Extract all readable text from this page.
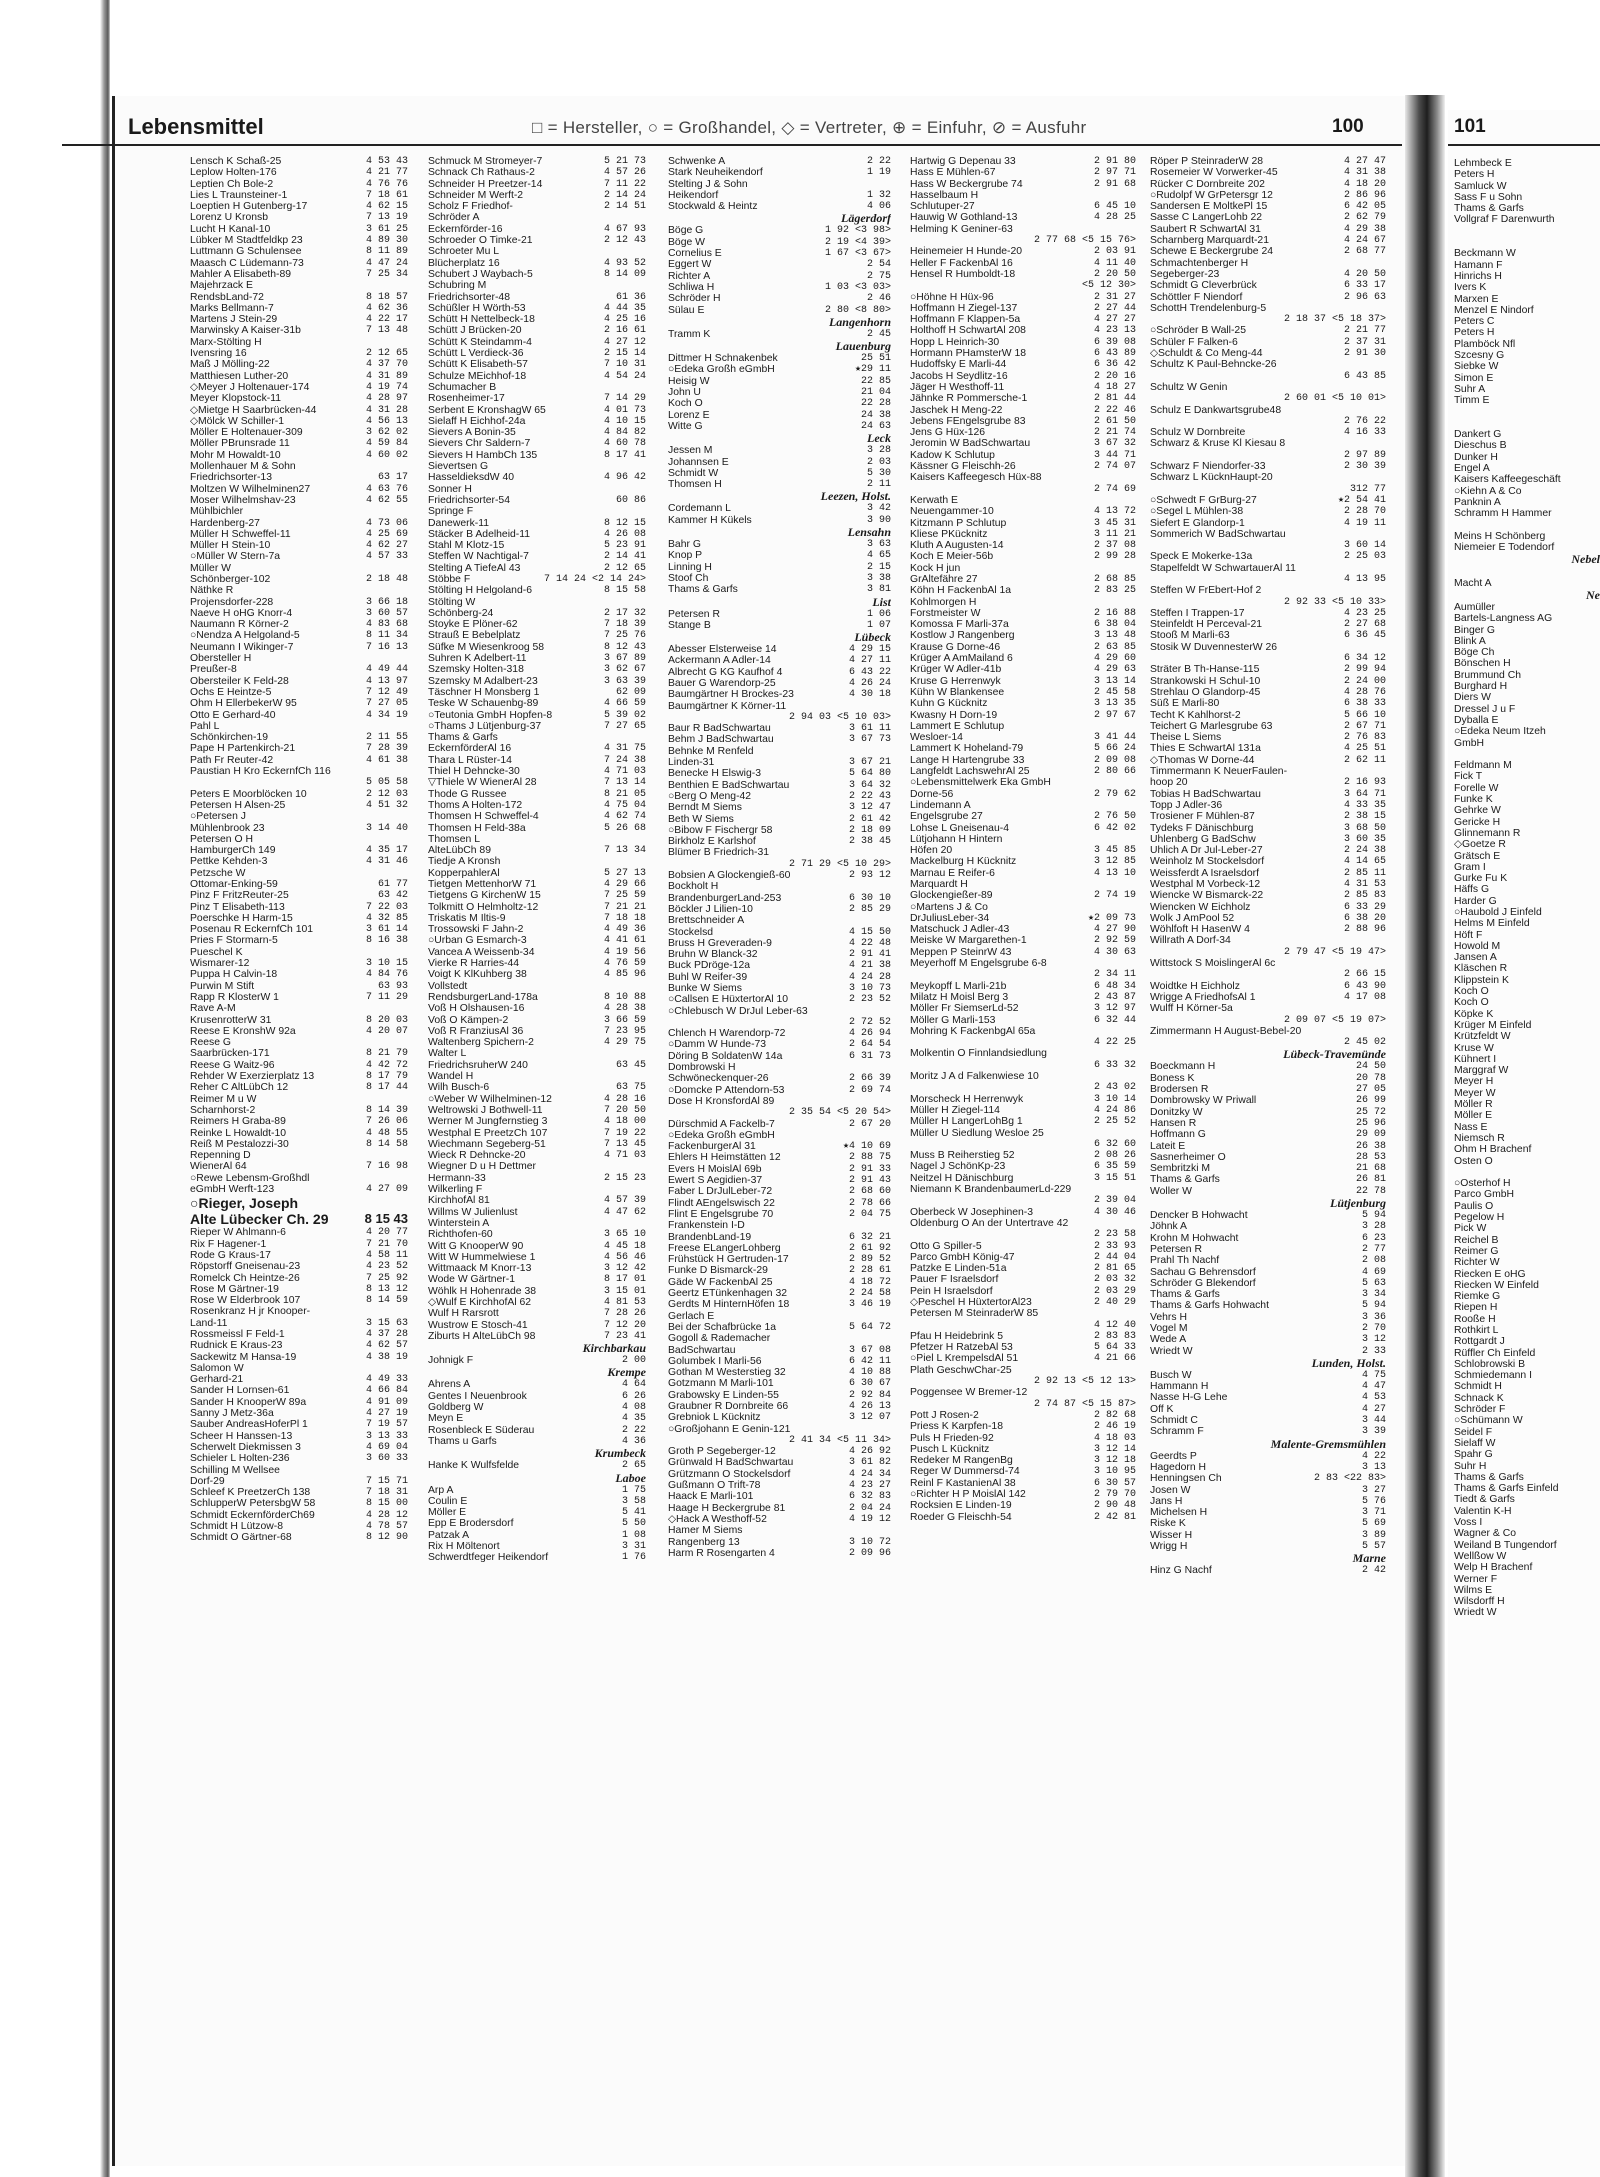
Lebensmittel	□ = Hersteller, ○ = Großhandel, ◇ = Vertreter, ⊕ = Einfuhr, ⊘ = Ausfuhr	100	101
Lensch K Schaß-25	4 53 43
Leplow Holten-176	4 21 77
Leptien Ch Bole-2	4 76 76
Lies L Traunsteiner-1	7 18 61
Loeptien H Gutenberg-17	4 62 15
Lorenz U Kronsb	7 13 19
Lucht H Kanal-10	3 61 25
Lübker M Stadtfeldkp 23	4 89 30
Luttmann G Schulensee	8 11 89
Maasch C Lüdemann-73	4 47 24
Mahler A Elisabeth-89	7 25 34
Majehrzack E
RendsbLand-72	8 18 57
Marks Bellmann-7	4 62 36
Martens J Stein-29	4 22 17
Marwinsky A Kaiser-31b	7 13 48
Marx-Stölting H
Ivensring 16	2 12 65
Maß J Mölling-22	4 37 70
Matthiesen Luther-20	4 31 89
◇Meyer J Holtenauer-174	4 19 74
Meyer Klopstock-11	4 28 97
◇Mietge H Saarbrücken-44	4 31 28
◇Mölck W Schiller-1	4 56 13
Möller E Holtenauer-309	3 62 02
Möller PBrunsrade 11	4 59 84
Mohr M Howaldt-10	4 60 02
Mollenhauer M & Sohn
Friedrichsorter-13	63 17
Moltzen W Wilhelminen27	4 63 76
Moser Wilhelmshav-23	4 62 55
Mühlbichler
Hardenberg-27	4 73 06
Müller H Schweffel-11	4 25 69
Müller H Stein-10	4 62 27
○Müller W Stern-7a	4 57 33
Müller W
Schönberger-102	2 18 48
Näthke R
Projensdorfer-228	3 66 18
Naeve H oHG Knorr-4	3 60 57
Naumann R Körner-2	4 83 68
○Nendza A Helgoland-5	8 11 34
Neumann I Wikinger-7	7 16 13
Obersteller H
Preußer-8	4 49 44
Obersteiler K Feld-28	4 13 97
Ochs E Heintze-5	7 12 49
Ohm H EllerbekerW 95	7 27 05
Otto E Gerhard-40	4 34 19
Pahl L
Schönkirchen-19	2 11 55
Pape H Partenkirch-21	7 28 39
Path Fr Reuter-42	4 61 38
Paustian H Kro EckernfCh 116
5 05 58
Peters E Moorblöcken 10	2 12 03
Petersen H Alsen-25	4 51 32
○Petersen J
Mühlenbrook 23	3 14 40
Petersen O H
HamburgerCh 149	4 35 17
Pettke Kehden-3	4 31 46
Petzsche W
Ottomar-Enking-59	61 77
Pinz F FritzReuter-25	63 42
Pinz T Elisabeth-113	7 22 03
Poerschke H Harm-15	4 32 85
Posenau R EckernfCh 101	3 61 14
Pries F Stormarn-5	8 16 38
Pueschel K
Wismarer-12	3 10 15
Puppa H Calvin-18	4 84 76
Purwin M Stift	63 93
Rapp R KlosterW 1	7 11 29
Rave A-M
KrusenrotterW 31	8 20 03
Reese E KronshW 92a	4 20 07
Reese G
Saarbrücken-171	8 21 79
Reese G Waitz-96	4 42 72
Rehder W Exerzierplatz 13	8 17 79
Reher C AltLübCh 12	8 17 44
Reimer M u W
Scharnhorst-2	8 14 39
Reimers H Graba-89	7 26 06
Reinke L Howaldt-10	4 48 55
Reiß M Pestalozzi-30	8 14 58
Repenning D
WienerAl 64	7 16 98
○Rewe Lebensm-Großhdl
eGmbH Werft-123	4 27 09
○Rieger, Joseph
Alte Lübecker Ch. 29	8 15 43
Rieper W Ahlmann-6	4 20 77
Rix F Hagener-1	7 21 70
Rode G Kraus-17	4 58 11
Röpstorff Gneisenau-23	4 23 52
Romelck Ch Heintze-26	7 25 92
Rose M Gärtner-19	8 13 12
Rose W Elderbrook 107	8 14 59
Rosenkranz H jr Knooper-
Land-11	3 15 63
Rossmeissl F Feld-1	4 37 28
Rudnick E Kraus-23	4 62 57
Sackewitz M Hansa-19	4 38 19
Salomon W
Gerhard-21	4 49 33
Sander H Lornsen-61	4 66 84
Sander H KnooperW 89a	4 91 09
Sanny J Metz-36a	4 27 19
Sauber AndreasHoferPl 1	7 19 57
Scheer H Hanssen-13	3 13 33
Scherwelt Diekmissen 3	4 69 04
Schieler L Holten-236	3 60 33
Schilling M Wellsee
Dorf-29	7 15 71
Schleef K PreetzerCh 138	7 18 31
SchlupperW PetersbgW 58	8 15 00
Schmidt EckernförderCh69	4 28 12
Schmidt H Lützow-8	4 78 57
Schmidt O Gärtner-68	8 12 90
Schmuck M Stromeyer-7	5 21 73
Schnack Ch Rathaus-2	4 57 26
Schneider H Preetzer-14	7 11 22
Schneider M Werft-2	2 14 24
Scholz F Friedhof-	2 14 51
Schröder A
Eckernförder-16	4 67 93
Schroeder O Timke-21	2 12 43
Schroeter Mu L
Blücherplatz 16	4 93 52
Schubert J Waybach-5	8 14 09
Schubring M
Friedrichsorter-48	61 36
Schüßler H Wörth-53	4 44 35
Schütt H Nettelbeck-18	4 25 16
Schütt J Brücken-20	2 16 61
Schütt K Steindamm-4	4 27 12
Schütt L Verdieck-36	2 15 14
Schütt K Elisabeth-57	7 10 31
Schulze MEichhof-18	4 54 24
Schumacher B
Rosenheimer-17	7 14 29
Serbent E KronshagW 65	4 01 73
Sielaff H Eichhof-24a	4 10 15
Sievers A Bonin-35	4 84 82
Sievers Chr Saldern-7	4 60 78
Sievers H HambCh 135	8 17 41
Sievertsen G
HasseldieksdW 40	4 96 42
Sonner H
Friedrichsorter-54	60 86
Springe F
Danewerk-11	8 12 15
Stäcker B Adelheid-11	4 26 08
Stahl M Klotz-15	5 23 91
Steffen W Nachtigal-7	2 14 41
Stelting A TiefeAl 43	2 12 65
Stöbbe F	7 14 24 <2 14 24>
Stölting H Helgoland-6	8 15 58
Stölting W
Schönberg-24	2 17 32
Stoyke E Plöner-62	7 18 39
Strauß E Bebelplatz	7 25 76
Süfke M Wiesenkroog 58	8 12 43
Suhren K Adelbert-11	3 67 89
Szemsky Holten-318	3 62 67
Szemsky M Adalbert-23	3 63 39
Täschner H Monsberg 1	62 09
Teske W Schauenbg-89	4 66 59
○Teutonia GmbH Hopfen-8	5 39 02
○Thams J Lütjenburg-37	7 27 65
Thams & Garfs
EckernförderAl 16	4 31 75
Thara L Rüster-14	7 24 38
Thiel H Dehncke-30	4 71 03
▽Thiele W WienerAl 28	7 13 14
Thode G Russee	8 21 05
Thoms A Holten-172	4 75 04
Thomsen H Schweffel-4	4 62 74
Thomsen H Feld-38a	5 26 68
Thomsen L
AlteLübCh 89	7 13 34
Tiedje A Kronsh
KopperpahlerAl	5 27 13
Tietgen MettenhorW 71	4 29 66
Tietgens G KirchenW 15	7 25 59
Tolkmitt O Helmholtz-12	7 21 21
Triskatis M Iltis-9	7 18 18
Trossowski F Jahn-2	4 49 36
○Urban G Esmarch-3	4 41 61
Vancea A Weissenb-34	4 19 56
Vierke R Harries-44	4 76 59
Voigt K KlKuhberg 38	4 85 96
Vollstedt
RendsburgerLand-178a	8 10 88
Voß H Olshausen-16	4 28 38
Voß O Kämpen-2	3 66 59
Voß R FranziusAl 36	7 23 95
Waltenberg Spichern-2	4 29 75
Walter L
FriedrichsruherW 240	63 45
Wandel H
Wilh Busch-6	63 75
○Weber W Wilhelminen-12	4 28 16
Weltrowski J Bothwell-11	7 20 50
Werner M Jungfernstieg 3	4 18 00
Westphal E PreetzCh 107	7 19 22
Wiechmann Segeberg-51	7 13 45
Wieck R Dehncke-20	4 71 03
Wiegner D u H Dettmer
Hermann-33	2 15 23
Wilkerling F
KirchhofAl 81	4 57 39
Willms W Julienlust	4 47 62
Winterstein A
Richthofen-60	3 65 10
Witt G KnooperW 90	4 45 18
Witt W Hummelwiese 1	4 56 46
Wittmaack M Knorr-13	3 12 42
Wode W Gärtner-1	8 17 01
Wöhlk H Hohenrade 38	3 15 01
◇Wulf E KirchhofAl 62	4 81 53
Wulf H Rarsrott	7 28 26
Wustrow E Stosch-41	7 12 20
Ziburts H AlteLübCh 98	7 23 41
Kirchbarkau
Johnigk F	2 00
Krempe
Ahrens A	4 64
Gentes I Neuenbrook	6 26
Goldberg W	4 08
Meyn E	4 35
Rosenbleck E Süderau	2 22
Thams u Garfs	4 36
Krumbeck
Hanke K Wulfsfelde	2 65
Laboe
Arp A	1 75
Coulin E	3 58
Möller E	5 41
Epp E Brodersdorf	5 50
Patzak A	1 08
Rix H Möltenort	3 31
Schwerdtfeger Heikendorf	1 76
Schwenke A	2 22
Stark Neuheikendorf	1 19
Stelting J & Sohn
Heikendorf	1 32
Stockwald & Heintz	4 06
Lägerdorf
Böge G	1 92 <3 98>
Böge W	2 19 <4 39>
Cornelius E	1 67 <3 67>
Eggert W	2 54
Richter A	2 75
Schliwa H	1 03 <3 03>
Schröder H	2 46
Sülau E	2 80 <8 80>
Langenhorn
Tramm K	2 45
Lauenburg
Dittmer H Schnakenbek	25 51
○Edeka Großh eGmbH	★29 11
Heisig W	22 85
John U	21 04
Koch O	22 28
Lorenz E	24 38
Witte G	24 63
Leck
Jessen M	3 28
Johannsen E	2 03
Schmidt W	5 30
Thomsen H	2 11
Leezen, Holst.
Cordemann L	3 42
Kammer H Kükels	3 90
Lensahn
Bahr G	3 63
Knop P	4 65
Linning H	2 15
Stoof Ch	3 38
Thams & Garfs	3 81
List
Petersen R	1 06
Stange B	1 07
Lübeck
Abesser Elsterweise 14	4 29 15
Ackermann A Adler-14	4 27 11
Albrecht G KG Kaufhof 4	6 43 22
Bauer G Warendorp-25	4 26 24
Baumgärtner H Brockes-23	4 30 18
Baumgärtner K Körner-11
2 94 03 <5 10 03>
Baur R BadSchwartau	3 61 11
Behm J BadSchwartau	3 67 73
Behnke M Renfeld
Linden-31	3 67 21
Benecke H Elswig-3	5 64 80
Benthien E BadSchwartau	3 64 32
○Berg O Meng-42	2 22 43
Berndt M Siems	3 12 47
Beth W Siems	2 61 42
○Bibow F Fischergr 58	2 18 09
Birkholz E Karlshof	2 38 45
Blümer B Friedrich-31
2 71 29 <5 10 29>
Bobsien A Glockengieß-60	2 93 12
Bockholt H
BrandenburgerLand-253	6 30 10
Böckler J Lilien-10	2 85 29
Brettschneider A
Stockelsd	4 15 50
Bruss H Greveraden-9	4 22 48
Bruhn W Blanck-32	2 91 41
Buck PDröge-12a	4 21 38
Buhl W Reifer-39	4 24 28
Bunke W Siems	3 10 73
○Callsen E HüxtertorAl 10	2 23 52
○Chlebusch W DrJul Leber-63
2 72 52
Chlench H Warendorp-72	4 26 94
○Damm W Hunde-73	2 64 54
Döring B SoldatenW 14a	6 31 73
Dombrowski H
Schwöneckenquer-26	2 66 39
○Domcke P Attendorn-53	2 69 74
Dose H KronsfordAl 89
2 35 54 <5 20 54>
Dürschmid A Fackelb-7	2 67 20
○Edeka Großh eGmbH
FackenburgerAl 31	★4 10 69
Ehlers H Heimstätten 12	2 88 75
Evers H MoislAl 69b	2 91 33
Ewert S Aegidien-37	2 91 43
Faber L DrJulLeber-72	2 68 60
Flindt AEngelswisch 22	2 78 66
Flint E Engelsgrube 70	2 04 75
Frankenstein I-D
BrandenbLand-19	6 32 21
Freese ELangerLohberg	2 61 92
Frühstück H Gertruden-17	2 89 52
Funke D Bismarck-29	2 28 61
Gäde W FackenbAl 25	4 18 72
Geertz ETünkenhagen 32	2 24 58
Gerdts M HinternHöfen 18	3 46 19
Gerlach E
Bei der Schafbrücke 1a	5 64 72
Gogoll & Rademacher
BadSchwartau	3 67 08
Golumbek I Marli-56	6 42 11
Gothan M Westerstieg 32	4 10 88
Gotzmann M Marli-101	6 30 67
Grabowsky E Linden-55	2 92 84
Graubner R Dornbreite 66	4 26 13
Grebniok L Kücknitz	3 12 07
○Großjohann E Genin-121
2 41 34 <5 11 34>
Groth P Segeberger-12	4 26 92
Grünwald H BadSchwartau	3 61 82
Grützmann O Stockelsdorf	4 24 34
Gußmann O Trift-78	4 23 27
Haack E Marli-101	6 32 83
Haage H Beckergrube 81	2 04 24
◇Hack A Westhoff-52	4 19 12
Hamer M Siems
Rangenberg 13	3 10 72
Harm R Rosengarten 4	2 09 96
Hartwig G Depenau 33	2 91 80
Hass E Mühlen-67	2 97 71
Hass W Beckergrube 74	2 91 68
Hasselbaum H
Schlutuper-27	6 45 10
Hauwig W Gothland-13	4 28 25
Helming K Geniner-63
2 77 68 <5 15 76>
Heinemeier H Hunde-20	2 03 91
Heller F FackenbAl 16	4 11 40
Hensel R Humboldt-18	2 20 50
<5 12 30>
○Höhne H Hüx-96	2 31 27
Hoffmann H Ziegel-137	2 27 44
Hoffmann F Klappen-5a	4 27 27
Holthoff H SchwartAl 208	4 23 13
Hopp L Heinrich-30	6 39 08
Hormann PHamsterW 18	6 43 89
Hudoffsky E Marli-44	6 36 42
Jacobs H Seydlitz-16	2 20 16
Jäger H Westhoff-11	4 18 27
Jähnke R Pommersche-1	2 81 44
Jaschek H Meng-22	2 22 46
Jebens FEngelsgrube 83	2 61 50
Jens G Hüx-126	2 21 74
Jeromin W BadSchwartau	3 67 32
Kadow K Schlutup	3 44 71
Kässner G Fleischh-26	2 74 07
Kaisers Kaffeegesch Hüx-88
2 74 69
Kerwath E
Neuengammer-10	4 13 72
Kitzmann P Schlutup	3 45 31
Kliese PKücknitz	3 11 21
Kluth A Augusten-14	2 37 08
Koch E Meier-56b	2 99 28
Kock H jun
GrAltefähre 27	2 68 85
Köhn H FackenbAl 1a	2 83 25
Kohlmorgen H
Forstmeister W	2 16 88
Komossa F Marli-37a	6 38 04
Kostlow J Rangenberg	3 13 48
Krause G Dorne-46	2 63 85
Krüger A AmMailand 6	4 29 60
Krüger W Adler-41b	4 29 63
Kruse G Herrenwyk	3 13 14
Kühn W Blankensee	2 45 58
Kuhn G Kücknitz	3 13 35
Kwasny H Dorn-19	2 97 67
Lammert E Schlutup
Wesloer-14	3 41 44
Lammert K Hoheland-79	5 66 24
Lange H Hartengrube 33	2 09 08
Langfeldt LachswehrAl 25	2 80 66
○Lebensmittelwerk Eka GmbH
Dorne-56	2 79 62
Lindemann A
Engelsgrube 27	2 76 50
Lohse L Gneisenau-4	6 42 02
Lütjohann H Hintern
Höfen 20	3 45 85
Mackelburg H Kücknitz	3 12 85
Marnau E Reifer-6	4 13 10
Marquardt H
Glockengießer-89	2 74 19
○Martens J & Co
DrJuliusLeber-34	★2 09 73
Matschuck J Adler-43	4 27 90
Meiske W Margarethen-1	2 92 59
Meppen P SteinrW 43	4 30 63
Meyerhoff M Engelsgrube 6-8
2 34 11
Meykopff L Marli-21b	6 48 34
Milatz H Moisl Berg 3	2 43 87
Möller Fr SiemserLd-52	3 12 97
Möller G Marli-153	6 32 44
Mohring K FackenbgAl 65a
4 22 25
Molkentin O Finnlandsiedlung
6 33 32
Moritz J A d Falkenwiese 10
2 43 02
Morscheck H Herrenwyk	3 10 14
Müller H Ziegel-114	4 24 86
Müller H LangerLohBg 1	2 25 52
Müller U Siedlung Wesloe 25
6 32 60
Muss B Reiherstieg 52	2 08 26
Nagel J SchönKp-23	6 35 59
Neitzel H Dänischburg	3 15 51
Niemann K BrandenbaumerLd-229
2 39 04
Oberbeck W Josephinen-3	4 30 46
Oldenburg O An der Untertrave 42
2 23 58
Otto G Spiller-5	2 33 93
Parco GmbH König-47	2 44 04
Patzke E Linden-51a	2 81 65
Pauer F Israelsdorf	2 03 32
Pein H Israelsdorf	2 03 29
◇Peschel H HüxtertorAl23	2 40 29
Petersen M SteinraderW 85
4 12 40
Pfau H Heidebrink 5	2 83 83
Pfetzer H RatzebAl 53	5 64 33
○Piel L KrempelsdAl 51	4 21 66
Plath GeschwChar-25
2 92 13 <5 12 13>
Poggensee W Bremer-12
2 74 87 <5 15 87>
Pott J Rosen-2	2 82 68
Priess K Karpfen-18	2 46 19
Puls H Frieden-92	4 18 03
Pusch L Kücknitz	3 12 14
Redeker M RangenBg	3 12 18
Reger W Dummersd-74	3 10 95
Reinl F KastanienAl 38	6 30 57
○Richter H P MoislAl 142	2 79 70
Rocksien E Linden-19	2 90 48
Roeder G Fleischh-54	2 42 81
Röper P SteinraderW 28	4 27 47
Rosemeier W Vorwerker-45	4 31 38
Rücker C Dornbreite 202	4 18 20
○Rudolpf W GrPetersgr 12	2 86 96
Sandersen E MoltkePl 15	6 42 05
Sasse C LangerLohb 22	2 62 79
Saubert R SchwartAl 31	4 29 38
Scharnberg Marquardt-21	4 24 67
Schewe E Beckergrube 24	2 68 77
Schmachtenberger H
Segeberger-23	4 20 50
Schmidt G Cleverbrück	6 33 17
Schöttler F Niendorf	2 96 63
SchottH Trendelenburg-5
2 18 37 <5 18 37>
○Schröder B Wall-25	2 21 77
Schüler F Falken-6	2 37 31
◇Schuldt & Co Meng-44	2 91 30
Schultz K Paul-Behncke-26
6 43 85
Schultz W Genin
2 60 01 <5 10 01>
Schulz E Dankwartsgrube48
2 76 22
Schulz W Dornbreite	4 16 33
Schwarz & Kruse Kl Kiesau 8
2 97 89
Schwarz F Niendorfer-33	2 30 39
Schwarz L KücknHaupt-20
312 77
○Schwedt F GrBurg-27	★2 54 41
○Segel L Mühlen-38	2 28 70
Siefert E Glandorp-1	4 19 11
Sommerich W BadSchwartau
3 60 14
Speck E Mokerke-13a	2 25 03
Stapelfeldt W SchwartauerAl 11
4 13 95
Steffen W FrEbert-Hof 2
2 92 33 <5 10 33>
Steffen I Trappen-17	4 23 25
Steinfeldt H Perceval-21	2 27 68
Stooß M Marli-63	6 36 45
Stosik W DuvennesterW 26
6 34 12
Sträter B Th-Hanse-115	2 99 94
Strankowski H Schul-10	2 24 00
Strehlau O Glandorp-45	4 28 76
Süß E Marli-80	6 38 33
Techt K Kahlhorst-2	5 66 10
Teichert G Marlesgrube 63	2 67 71
Theise L Siems	2 76 83
Thies E SchwartAl 131a	4 25 51
◇Thomas W Dorne-44	2 62 11
Timmermann K NeuerFaulen-
hoop 20	2 16 93
Tobias H BadSchwartau	3 64 71
Topp J Adler-36	4 33 35
Trosiener F Mühlen-87	2 38 15
Tydeks F Dänischburg	3 68 50
Uhlenberg G BadSchw	3 60 35
Uhlich A Dr Jul-Leber-27	2 24 38
Weinholz M Stockelsdorf	4 14 65
Weissferdt A Israelsdorf	2 85 11
Westphal M Vorbeck-12	4 31 53
Wiencke W Bismarck-22	2 85 83
Wiencken W Eichholz	6 33 29
Wolk J AmPool 52	6 38 20
Wöhlfoft H HasenW 4	2 88 96
Willrath A Dorf-34
2 79 47 <5 19 47>
Wittstock S MoislingerAl 6c
2 66 15
Woidtke H Eichholz	6 43 90
Wrigge A FriedhofsAl 1	4 17 08
Wulff H Körner-5a
2 09 07 <5 19 07>
Zimmermann H August-Bebel-20
2 45 02
Lübeck-Travemünde
Boeckmann H	24 50
Boness K	20 78
Brodersen R	27 05
Dombrowsky W Priwall	26 99
Donitzky W	25 72
Hansen R	25 96
Hoffmann G	29 09
Lateit E	26 38
Sasnerheimer O	28 53
Sembritzki M	21 68
Thams & Garfs	26 81
Woller W	22 78
Lütjenburg
Dencker B Hohwacht	5 94
Jöhnk A	3 28
Krohn M Hohwacht	6 23
Petersen R	2 77
Prahl Th Nachf	2 08
Sachau G Behrensdorf	4 69
Schröder G Blekendorf	5 63
Thams & Garfs	3 34
Thams & Garfs Hohwacht	5 94
Vehrs H	3 36
Vogel M	2 70
Wede A	3 12
Wriedt W	2 33
Lunden, Holst.
Busch W	4 75
Hammann H	4 47
Nasse H-G Lehe	4 53
Off K	4 27
Schmidt C	3 44
Schramm F	3 39
Malente-Gremsmühlen
Geerdts P	4 22
Hagedorn H	3 13
Henningsen Ch	2 83 <22 83>
Josen W	3 27
Jans H	5 76
Michelsen H	3 71
Riske K	5 69
Wisser H	3 89
Wrigg H	5 57
Marne
Hinz G Nachf	2 42
Lehmbeck E
Peters H
Samluck W
Sass F u Sohn
Thams & Garfs
Vollgraf F Darenwurth
Beckmann W
Hamann F
Hinrichs H
Ivers K
Marxen E
Menzel E Nindorf
Peters C
Peters H
Plamböck Nfl
Szcesny G
Siebke W
Simon E
Suhr A
Timm E
Dankert G
Dieschus B
Dunker H
Engel A
Kaisers Kaffeegeschäft
○Kiehn A & Co
Panknin A
Schramm H Hammer
Meins H Schönberg
Niemeier E Todendorf
Nebel
Macht A
Ne
Aumüller
Bartels-Langness AG
Binger G
Blink A
Böge Ch
Bönschen H
Brummund Ch
Burghard H
Diers W
Dressel J u F
Dyballa E
○Edeka Neum Itzeh
GmbH
Feldmann M
Fick T
Forelle W
Funke K
Gehrke W
Gericke H
Glinnemann R
◇Goetze R
Grätsch E
Gram I
Gurke Fu K
Häffs G
Harder G
○Haubold J Einfeld
Helms M Einfeld
Höft F
Howold M
Jansen A
Kläschen R
Klippstein K
Koch O
Koch O
Köpke K
Krüger M Einfeld
Krützfeldt W
Kruse W
Kühnert I
Marggraf W
Meyer H
Meyer W
Möller R
Möller E
Nass E
Niemsch R
Ohm H Brachenf
Osten O
○Osterhof H
Parco GmbH
Paulis O
Pegelow H
Pick W
Reichel B
Reimer G
Richter W
Riecken E oHG
Riecken W Einfeld
Riemke G
Riepen H
Rooße H
Rothkirt L
Rottgardt J
Rüffler Ch Einfeld
Schlobrowski B
Schmiedemann I
Schmidt H
Schnack K
Schröder F
○Schümann W
Seidel F
Sielaff W
Spahr G
Suhr H
Thams & Garfs
Thams & Garfs Einfeld
Tiedt & Garfs
Valentin K-H
Voss I
Wagner & Co
Weiland B Tungendorf
Wellßow W
Welp H Brachenf
Werner F
Wilms E
Wilsdorff H
Wriedt W
